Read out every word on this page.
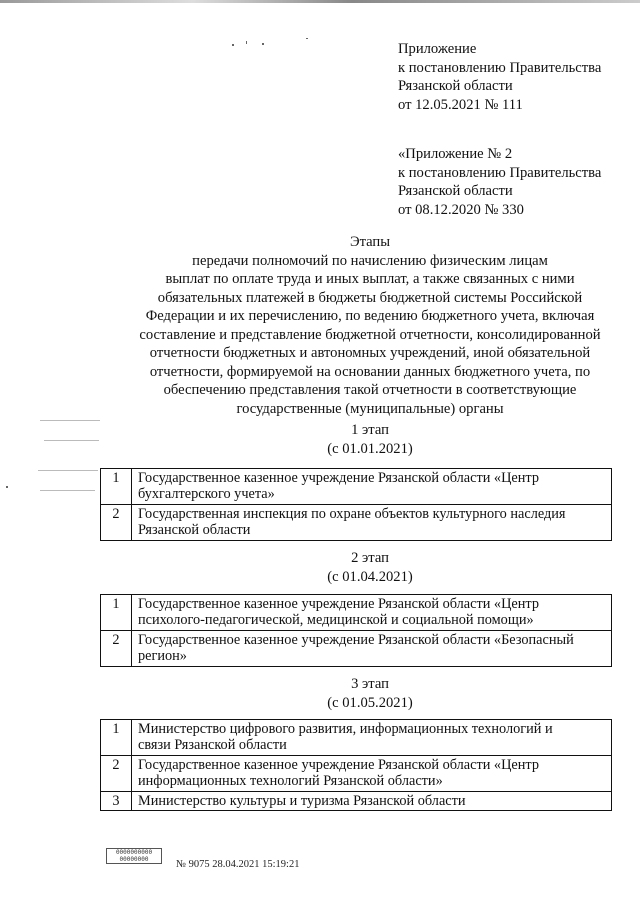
Приложение
к постановлению Правительства
Рязанской области
от 12.05.2021 № 111
«Приложение № 2
к постановлению Правительства
Рязанской области
от 08.12.2020 № 330
Этапы
передачи полномочий по начислению физическим лицам
выплат по оплате труда и иных выплат, а также связанных с ними
обязательных платежей в бюджеты бюджетной системы Российской
Федерации и их перечислению, по ведению бюджетного учета, включая
составление и представление бюджетной отчетности, консолидированной
отчетности бюджетных и автономных учреждений, иной обязательной
отчетности, формируемой на основании данных бюджетного учета, по
обеспечению представления такой отчетности в соответствующие
государственные (муниципальные) органы
1 этап
(с 01.01.2021)
1	Государственное казенное учреждение Рязанской области «Центр
бухгалтерского учета»

2	Государственная инспекция по охране объектов культурного наследия
Рязанской области
2 этап
(с 01.04.2021)
1	Государственное казенное учреждение Рязанской области «Центр
психолого-педагогической, медицинской и социальной помощи»

2	Государственное казенное учреждение Рязанской области «Безопасный
регион»
3 этап
(с 01.05.2021)
1	Министерство цифрового развития, информационных технологий и
связи Рязанской области

2	Государственное казенное учреждение Рязанской области «Центр
информационных технологий Рязанской области»

3	Министерство культуры и туризма Рязанской области
0000000000 00000000	№ 9075 28.04.2021 15:19:21
